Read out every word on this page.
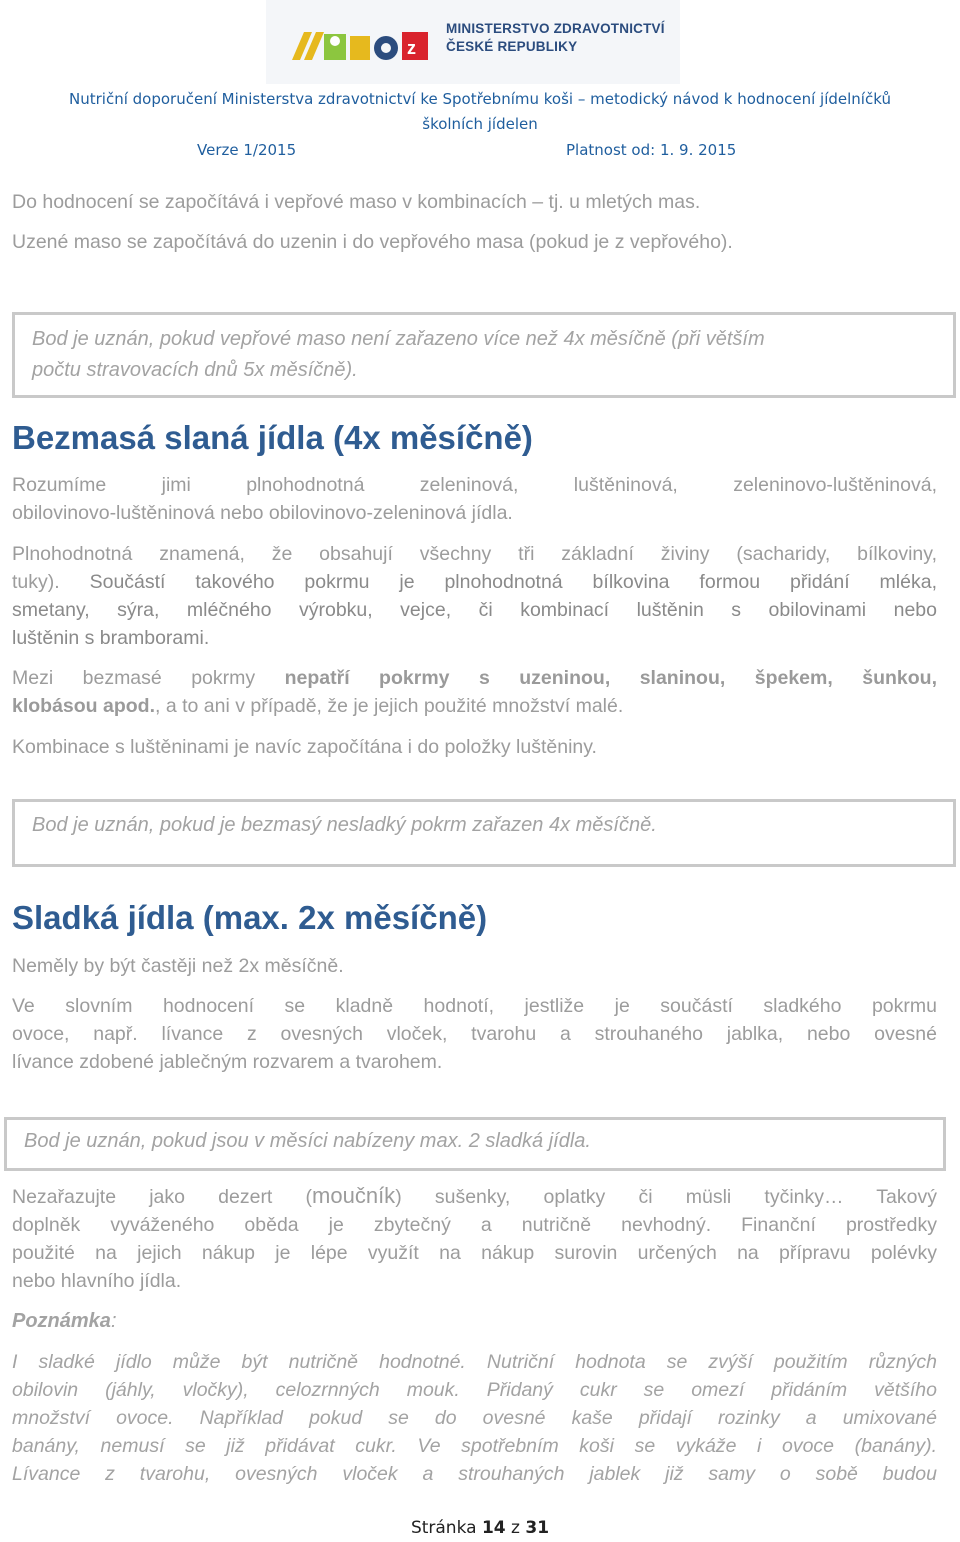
z
MINISTERSTVO ZDRAVOTNICTVÍ
ČESKÉ REPUBLIKY
Nutriční doporučení Ministerstva zdravotnictví ke Spotřebnímu koši – metodický návod k hodnocení jídelníčků
školních jídelen
Verze 1/2015	Platnost od: 1. 9. 2015
Do hodnocení se započítává i vepřové maso v kombinacích – tj. u mletých mas.
Uzené maso se započítává do uzenin i do vepřového masa (pokud je z vepřového).
Bod je uznán, pokud vepřové maso není zařazeno více než 4x měsíčně (při větším
počtu stravovacích dnů 5x měsíčně).
Bezmasá slaná jídla (4x měsíčně)
Rozumíme jimi plnohodnotná zeleninová, luštěninová, zeleninovo-luštěninová,
obilovinovo-luštěninová nebo obilovinovo-zeleninová jídla.
Plnohodnotná znamená, že obsahují všechny tři základní živiny (sacharidy, bílkoviny,
tuky). Součástí takového pokrmu je plnohodnotná bílkovina formou přidání mléka,
smetany, sýra, mléčného výrobku, vejce, či kombinací luštěnin s obilovinami nebo
luštěnin s bramborami.
Mezi bezmasé pokrmy nepatří pokrmy s uzeninou, slaninou, špekem, šunkou,
klobásou apod., a to ani v případě, že je jejich použité množství malé.
Kombinace s luštěninami je navíc započítána i do položky luštěniny.
Bod je uznán, pokud je bezmasý nesladký pokrm zařazen 4x měsíčně.
Sladká jídla (max. 2x měsíčně)
Neměly by být častěji než 2x měsíčně.
Ve slovním hodnocení se kladně hodnotí, jestliže je součástí sladkého pokrmu
ovoce, např. lívance z ovesných vloček, tvarohu a strouhaného jablka, nebo ovesné
lívance zdobené jablečným rozvarem a tvarohem.
Bod je uznán, pokud jsou v měsíci nabízeny max. 2 sladká jídla.
Nezařazujte jako dezert (moučník) sušenky, oplatky či müsli tyčinky… Takový
doplněk vyváženého oběda je zbytečný a nutričně nevhodný. Finanční prostředky
použité na jejich nákup je lépe využít na nákup surovin určených na přípravu polévky
nebo hlavního jídla.
Poznámka:
I sladké jídlo může být nutričně hodnotné. Nutriční hodnota se zvýší použitím různých
obilovin (jáhly, vločky), celozrnných mouk. Přidaný cukr se omezí přidáním většího
množství ovoce. Například pokud se do ovesné kaše přidají rozinky a umixované
banány, nemusí se již přidávat cukr. Ve spotřebním koši se vykáže i ovoce (banány).
Lívance z tvarohu, ovesných vloček a strouhaných jablek již samy o sobě budou
Stránka 14 z 31
